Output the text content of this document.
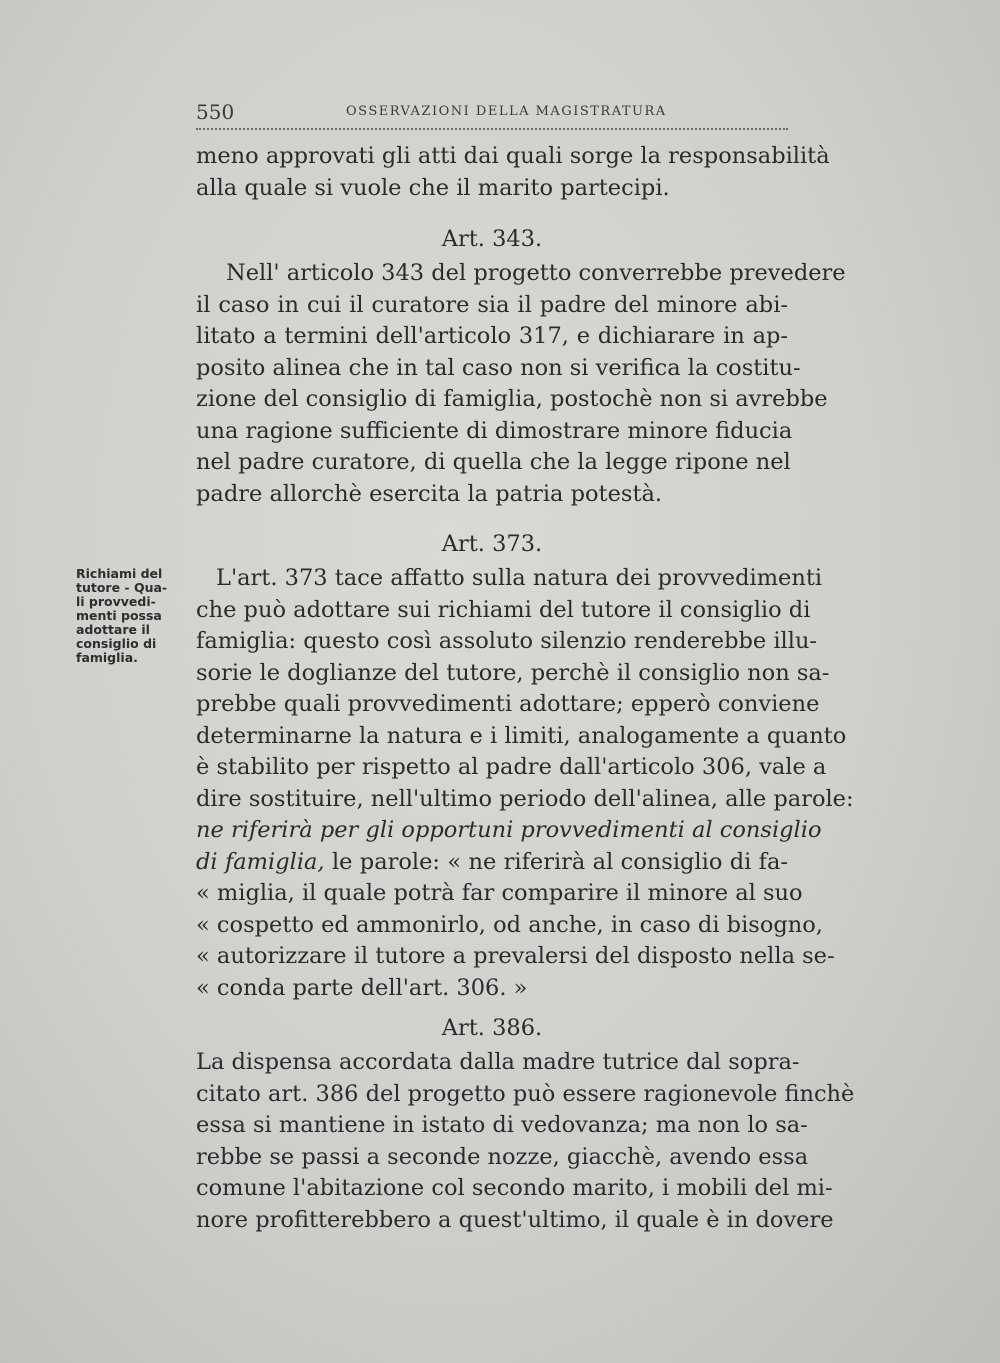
550	OSSERVAZIONI DELLA MAGISTRATURA
meno approvati gli atti dai quali sorge la responsabilità
alla quale si vuole che il marito partecipi.
Art. 343.
Nell' articolo 343 del progetto converrebbe prevedere
il caso in cui il curatore sia il padre del minore abi-
litato a termini dell'articolo 317, e dichiarare in ap-
posito alinea che in tal caso non si verifica la costitu-
zione del consiglio di famiglia, postochè non si avrebbe
una ragione sufficiente di dimostrare minore fiducia
nel padre curatore, di quella che la legge ripone nel
padre allorchè esercita la patria potestà.
Art. 373.
Richiami del
tutore - Qua-
li provvedi-
menti possa
adottare il
consiglio di
famiglia.
L'art. 373 tace affatto sulla natura dei provvedimenti
che può adottare sui richiami del tutore il consiglio di
famiglia: questo così assoluto silenzio renderebbe illu-
sorie le doglianze del tutore, perchè il consiglio non sa-
prebbe quali provvedimenti adottare; epperò conviene
determinarne la natura e i limiti, analogamente a quanto
è stabilito per rispetto al padre dall'articolo 306, vale a
dire sostituire, nell'ultimo periodo dell'alinea, alle parole:
ne riferirà per gli opportuni provvedimenti al consiglio
di famiglia, le parole: « ne riferirà al consiglio di fa-
« miglia, il quale potrà far comparire il minore al suo
« cospetto ed ammonirlo, od anche, in caso di bisogno,
« autorizzare il tutore a prevalersi del disposto nella se-
« conda parte dell'art. 306. »
Art. 386.
La dispensa accordata dalla madre tutrice dal sopra-
citato art. 386 del progetto può essere ragionevole finchè
essa si mantiene in istato di vedovanza; ma non lo sa-
rebbe se passi a seconde nozze, giacchè, avendo essa
comune l'abitazione col secondo marito, i mobili del mi-
nore profitterebbero a quest'ultimo, il quale è in dovere
